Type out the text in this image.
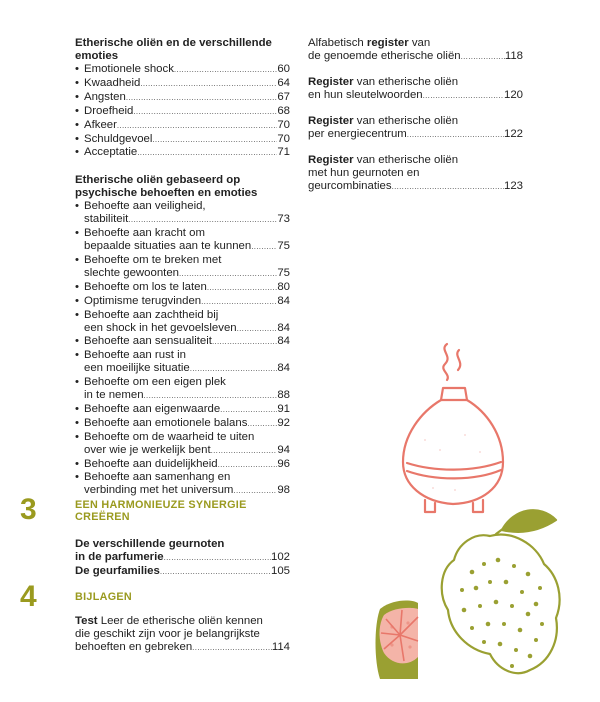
Etherische oliën en de verschillende emoties

• Emotionele shock .....	60
• Kwaadheid .....	64
• Angsten .....	67
• Droefheid .....	68
• Afkeer .....	70
• Schuldgevoel .....	70
• Acceptatie .....	71

Etherische oliën gebaseerd op psychische behoeften en emoties

• Behoefte aan veiligheid,
stabiliteit .....	73
• Behoefte aan kracht om
bepaalde situaties aan te kunnen ..... 75
• Behoefte om te breken met
slechte gewoonten .....	75
• Behoefte om los te laten .....	80
• Optimisme terugvinden .....	84
• Behoefte aan zachtheid bij
een shock in het gevoelsleven .....	84
• Behoefte aan sensualiteit .....	84
• Behoefte aan rust in
een moeilijke situatie .....	84
• Behoefte om een eigen plek
in te nemen .....	88
• Behoefte aan eigenwaarde .....	91
• Behoefte aan emotionele balans .....	92
• Behoefte om de waarheid te uiten
over wie je werkelijk bent .....	94
• Behoefte aan duidelijkheid .....	96
• Behoefte aan samenhang en
verbinding met het universum .....	98
3	EEN HARMONIEUZE SYNERGIE CREËREN
De verschillende geurnoten
in de parfumerie .....	102
De geurfamilies .....	105
4	BIJLAGEN
Test Leer de etherische oliën kennen
die geschikt zijn voor je belangrijkste
behoeften en gebreken .....	114
Alfabetisch register van
de genoemde etherische oliën .....	118
Register van etherische oliën
en hun sleutelwoorden .....	120
Register van etherische oliën
per energiecentrum .....	122
Register van etherische oliën
met hun geurnoten en
geurcombinaties .....	123
